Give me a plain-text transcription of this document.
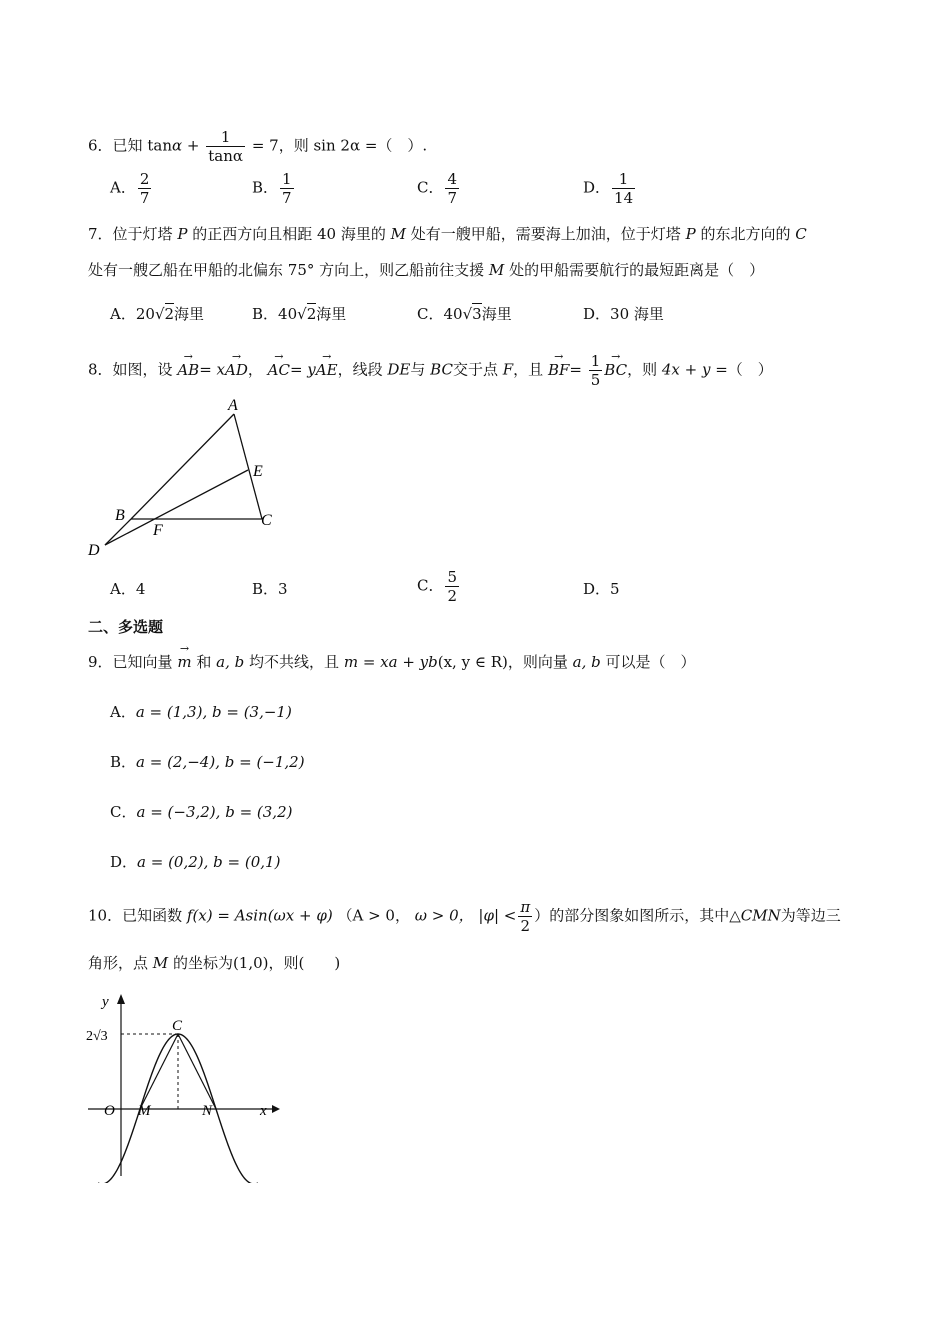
6．已知 $\tan\alpha + \frac{1}{\tan\alpha} = 7$，则 sin 2α =（　）.
A． $\frac{2}{7}$	B． $\frac{1}{7}$	C． $\frac{4}{7}$	D． $\frac{1}{14}$
7．位于灯塔 P 的正西方向且相距 40 海里的 M 处有一艘甲船，需要海上加油，位于灯塔 P 的东北方向的 C
处有一艘乙船在甲船的北偏东 75° 方向上，则乙船前往支援 M 处的甲船需要航行的最短距离是（　）
A．20√2海里	B．40√2海里	C．40√3海里	D．30 海里
8．如图，设 → AB= x→ AD， → AC= y→ AE，线段 DE与 BC交于点 F，且 → $BF= \frac{1}{5}$ → BC，则 4x + y =（　）
A
B	C
D
E
F
A．4	B．3	C． $\frac{5}{2}$	D．5
二、多选题
9．已知向量 → m 和 a, b 均不共线，且 m = xa + yb(x, y ∈ R)，则向量 a, b 可以是（　）
A．a = (1,3), b = (3,−1)
B．a = (2,−4), b = (−1,2)
C．a = (−3,2), b = (3,2)
D．a = (0,2), b = (0,1)
10．已知函数 f(x) = Asin(ωx + φ) （A > 0， ω > 0， $|\varphi| < \frac{\pi}{2}$ ）的部分图象如图所示，其中△CMN为等边三
角形，点 M 的坐标为(1,0)，则(　　)
y
x
O M	N
C
2√3
